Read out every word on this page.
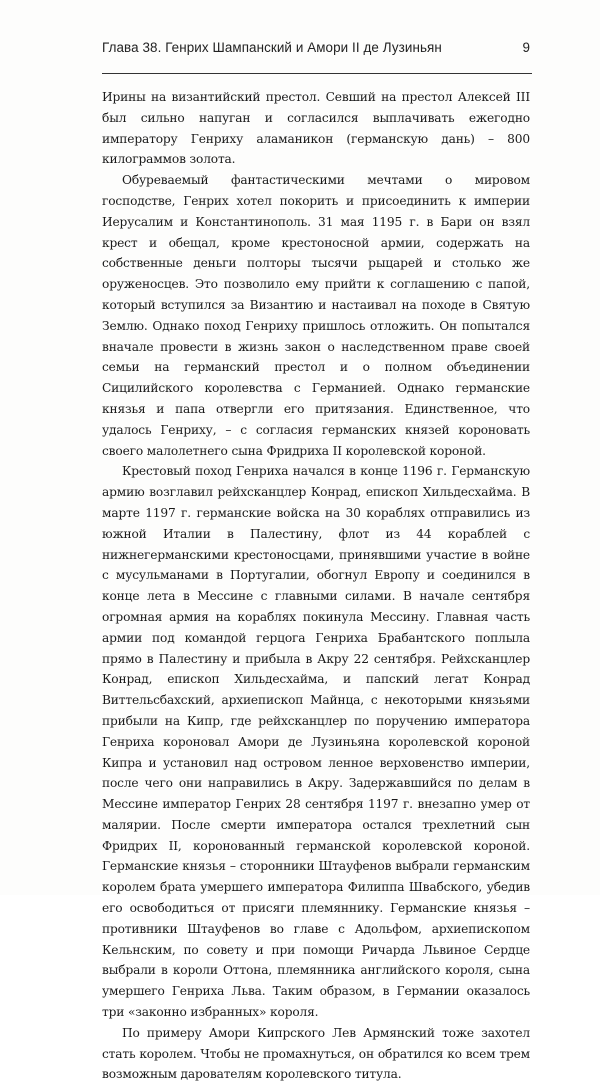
Глава 38. Генрих Шампанский и Амори II де Лузиньян	9

Ирины на византийский престол. Севший на престол Алексей III был сильно напуган и согласился выплачивать ежегодно императору Генриху аламаникон (германскую дань) – 800 килограммов золота.

Обуреваемый фантастическими мечтами о мировом господстве, Генрих хотел покорить и присоединить к империи Иерусалим и Константинополь. 31 мая 1195 г. в Бари он взял крест и обещал, кроме крестоносной армии, содержать на собственные деньги полторы тысячи рыцарей и столько же оруженосцев. Это позволило ему прийти к соглашению с папой, который вступился за Византию и настаивал на походе в Святую Землю. Однако поход Генриху пришлось отложить. Он попытался вначале провести в жизнь закон о наследственном праве своей семьи на германский престол и о полном объединении Сицилийского королевства с Германией. Однако германские князья и папа отвергли его притязания. Единственное, что удалось Генриху, – с согласия германских князей короновать своего малолетнего сына Фридриха II королевской короной.

Крестовый поход Генриха начался в конце 1196 г. Германскую армию возглавил рейхсканцлер Конрад, епископ Хильдесхайма. В марте 1197 г. германские войска на 30 кораблях отправились из южной Италии в Палестину, флот из 44 кораблей с нижнегерманскими крестоносцами, принявшими участие в войне с мусульманами в Португалии, обогнул Европу и соединился в конце лета в Мессине с главными силами. В начале сентября огромная армия на кораблях покинула Мессину. Главная часть армии под командой герцога Генриха Брабантского поплыла прямо в Палестину и прибыла в Акру 22 сентября. Рейхсканцлер Конрад, епископ Хильдесхайма, и папский легат Конрад Виттельсбахский, архиепископ Майнца, с некоторыми князьями прибыли на Кипр, где рейхсканцлер по поручению императора Генриха короновал Амори де Лузиньяна королевской короной Кипра и установил над островом ленное верховенство империи, после чего они направились в Акру. Задержавшийся по делам в Мессине император Генрих 28 сентября 1197 г. внезапно умер от малярии. После смерти императора остался трехлетний сын Фридрих II, коронованный германской королевской короной. Германские князья – сторонники Штауфенов выбрали германским королем брата умершего императора Филиппа Швабского, убедив его освободиться от присяги племяннику. Германские князья – противники Штауфенов во главе с Адольфом, архиепископом Кельнским, по совету и при помощи Ричарда Львиное Сердце выбрали в короли Оттона, племянника английского короля, сына умершего Генриха Льва. Таким образом, в Германии оказалось три «законно избранных» короля.

По примеру Амори Кипрского Лев Армянский тоже захотел стать королем. Чтобы не промахнуться, он обратился ко всем трем возможным дарователям королевского титула.
